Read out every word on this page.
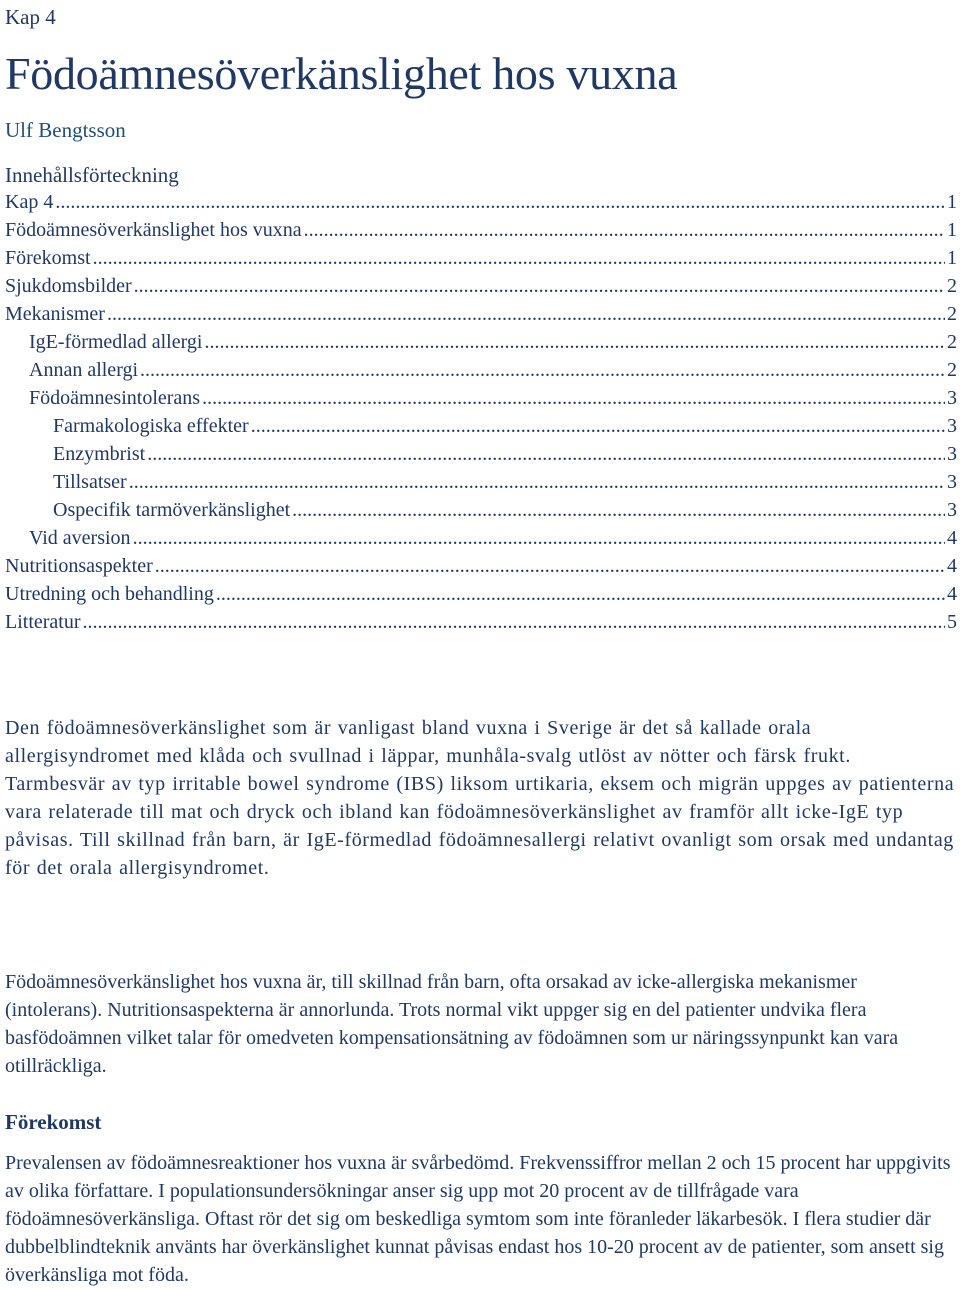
Kap 4
Födoämnesöverkänslighet hos vuxna
Ulf Bengtsson
Innehållsförteckning
Kap 4 .....	1
Födoämnesöverkänslighet hos vuxna .....	1
Förekomst .....	1
Sjukdomsbilder .....	2
Mekanismer .....	2
IgE-förmedlad allergi .....	2
Annan allergi .....	2
Födoämnesintolerans .....	3
Farmakologiska effekter .....	3
Enzymbrist .....	3
Tillsatser .....	3
Ospecifik tarmöverkänslighet .....	3
Vid aversion .....	4
Nutritionsaspekter .....	4
Utredning och behandling .....	4
Litteratur .....	5

Den födoämnesöverkänslighet som är vanligast bland vuxna i Sverige är det så kallade orala allergisyndromet med klåda och svullnad i läppar, munhåla-svalg utlöst av nötter och färsk frukt. Tarmbesvär av typ irritable bowel syndrome (IBS) liksom urtikaria, eksem och migrän uppges av patienterna vara relaterade till mat och dryck och ibland kan födoämnesöverkänslighet av framför allt icke-IgE typ påvisas. Till skillnad från barn, är IgE-förmedlad födoämnesallergi relativt ovanligt som orsak med undantag för det orala allergisyndromet.

Födoämnesöverkänslighet hos vuxna är, till skillnad från barn, ofta orsakad av icke-allergiska mekanismer (intolerans). Nutritionsaspekterna är annorlunda. Trots normal vikt uppger sig en del patienter undvika flera basfödoämnen vilket talar för omedveten kompensationsätning av födoämnen som ur näringssynpunkt kan vara otillräckliga.

Förekomst

Prevalensen av födoämnesreaktioner hos vuxna är svårbedömd. Frekvenssiffror mellan 2 och 15 procent har uppgivits av olika författare. I populationsundersökningar anser sig upp mot 20 procent av de tillfrågade vara födoämnesöverkänsliga. Oftast rör det sig om beskedliga symtom som inte föranleder läkarbesök. I flera studier där dubbelblindteknik använts har överkänslighet kunnat påvisas endast hos 10-20 procent av de patienter, som ansett sig överkänsliga mot föda.
